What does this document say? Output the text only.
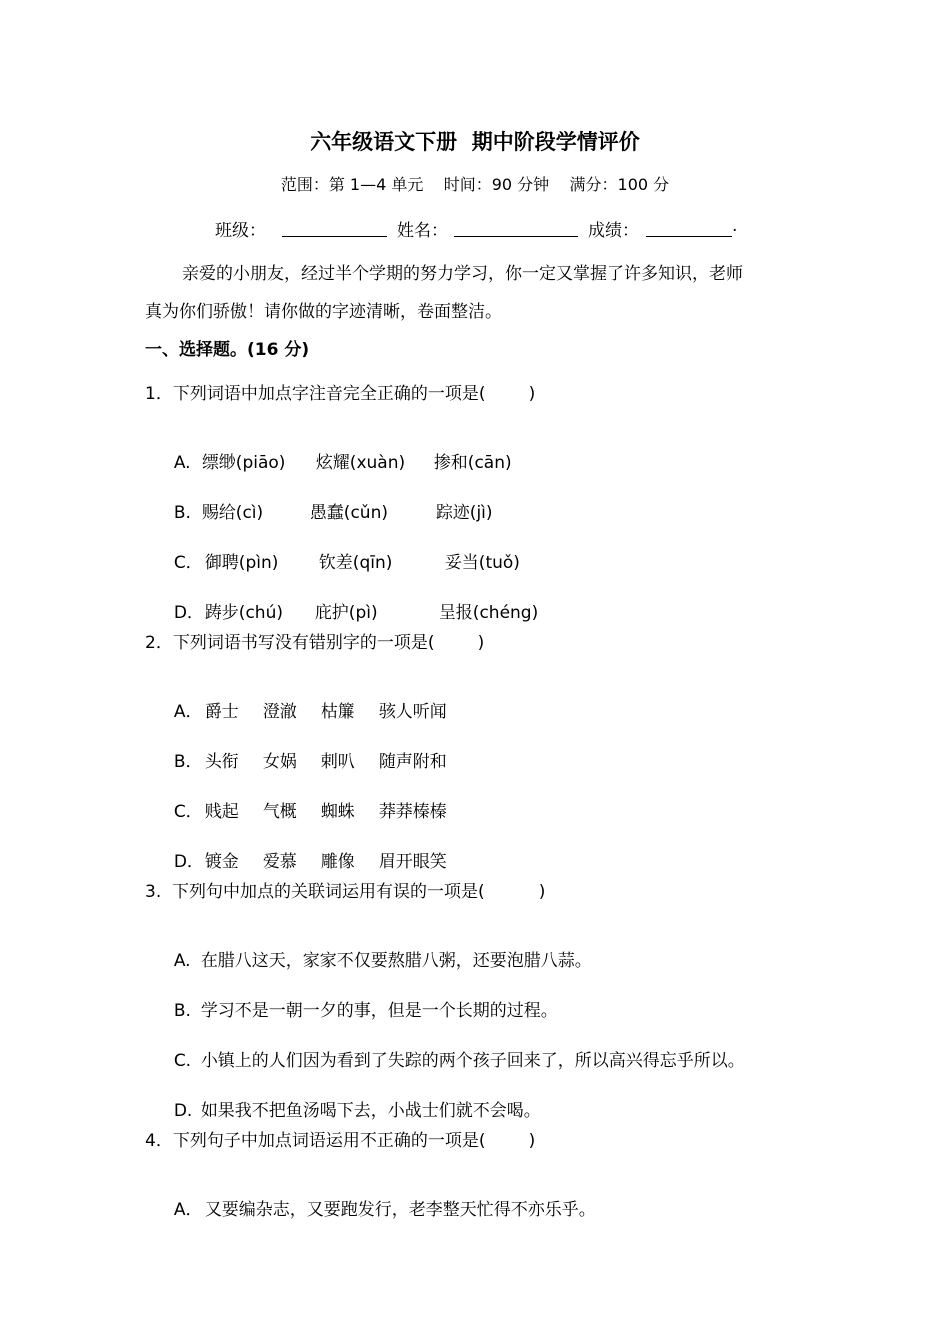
六年级语文下册  期中阶段学情评价
范围：第 1—4 单元    时间：90 分钟    满分：100 分
班级：	姓名：	成绩：	.
亲爱的小朋友，经过半个学期的努力学习，你一定又掌握了许多知识，老师
真为你们骄傲！请你做的字迹清晰，卷面整洁。
一、选择题。(16 分)
1．下列词语中加点字注音完全正确的一项是(        )

A. 缥缈(piāo) 炫耀(xuàn) 掺和(cān)

B. 赐给(cì)	愚蠢(cǔn)	踪迹(jì)

C． 御聘(pìn) 钦差(qīn)	妥当(tuǒ)

D．踌步(chú) 庇护(pì)	呈报(chéng)

2．下列词语书写没有错别字的一项是(        )

A． 爵士 澄澈 枯簾 骇人听闻

B． 头衔 女娲 剌叭 随声附和

C． 贱起 气概 蜘蛛 莽莽榛榛

D．镀金 爱慕 雕像 眉开眼笑

3.  下列句中加点的关联词运用有误的一项是(          )

A. 在腊八这天，家家不仅要熬腊八粥，还要泡腊八蒜。

B. 学习不是一朝一夕的事，但是一个长期的过程。

C. 小镇上的人们因为看到了失踪的两个孩子回来了，所以高兴得忘乎所以。

D. 如果我不把鱼汤喝下去，小战士们就不会喝。

4．下列句子中加点词语运用不正确的一项是(        )

A． 又要编杂志，又要跑发行，老李整天忙得不亦乐乎。
